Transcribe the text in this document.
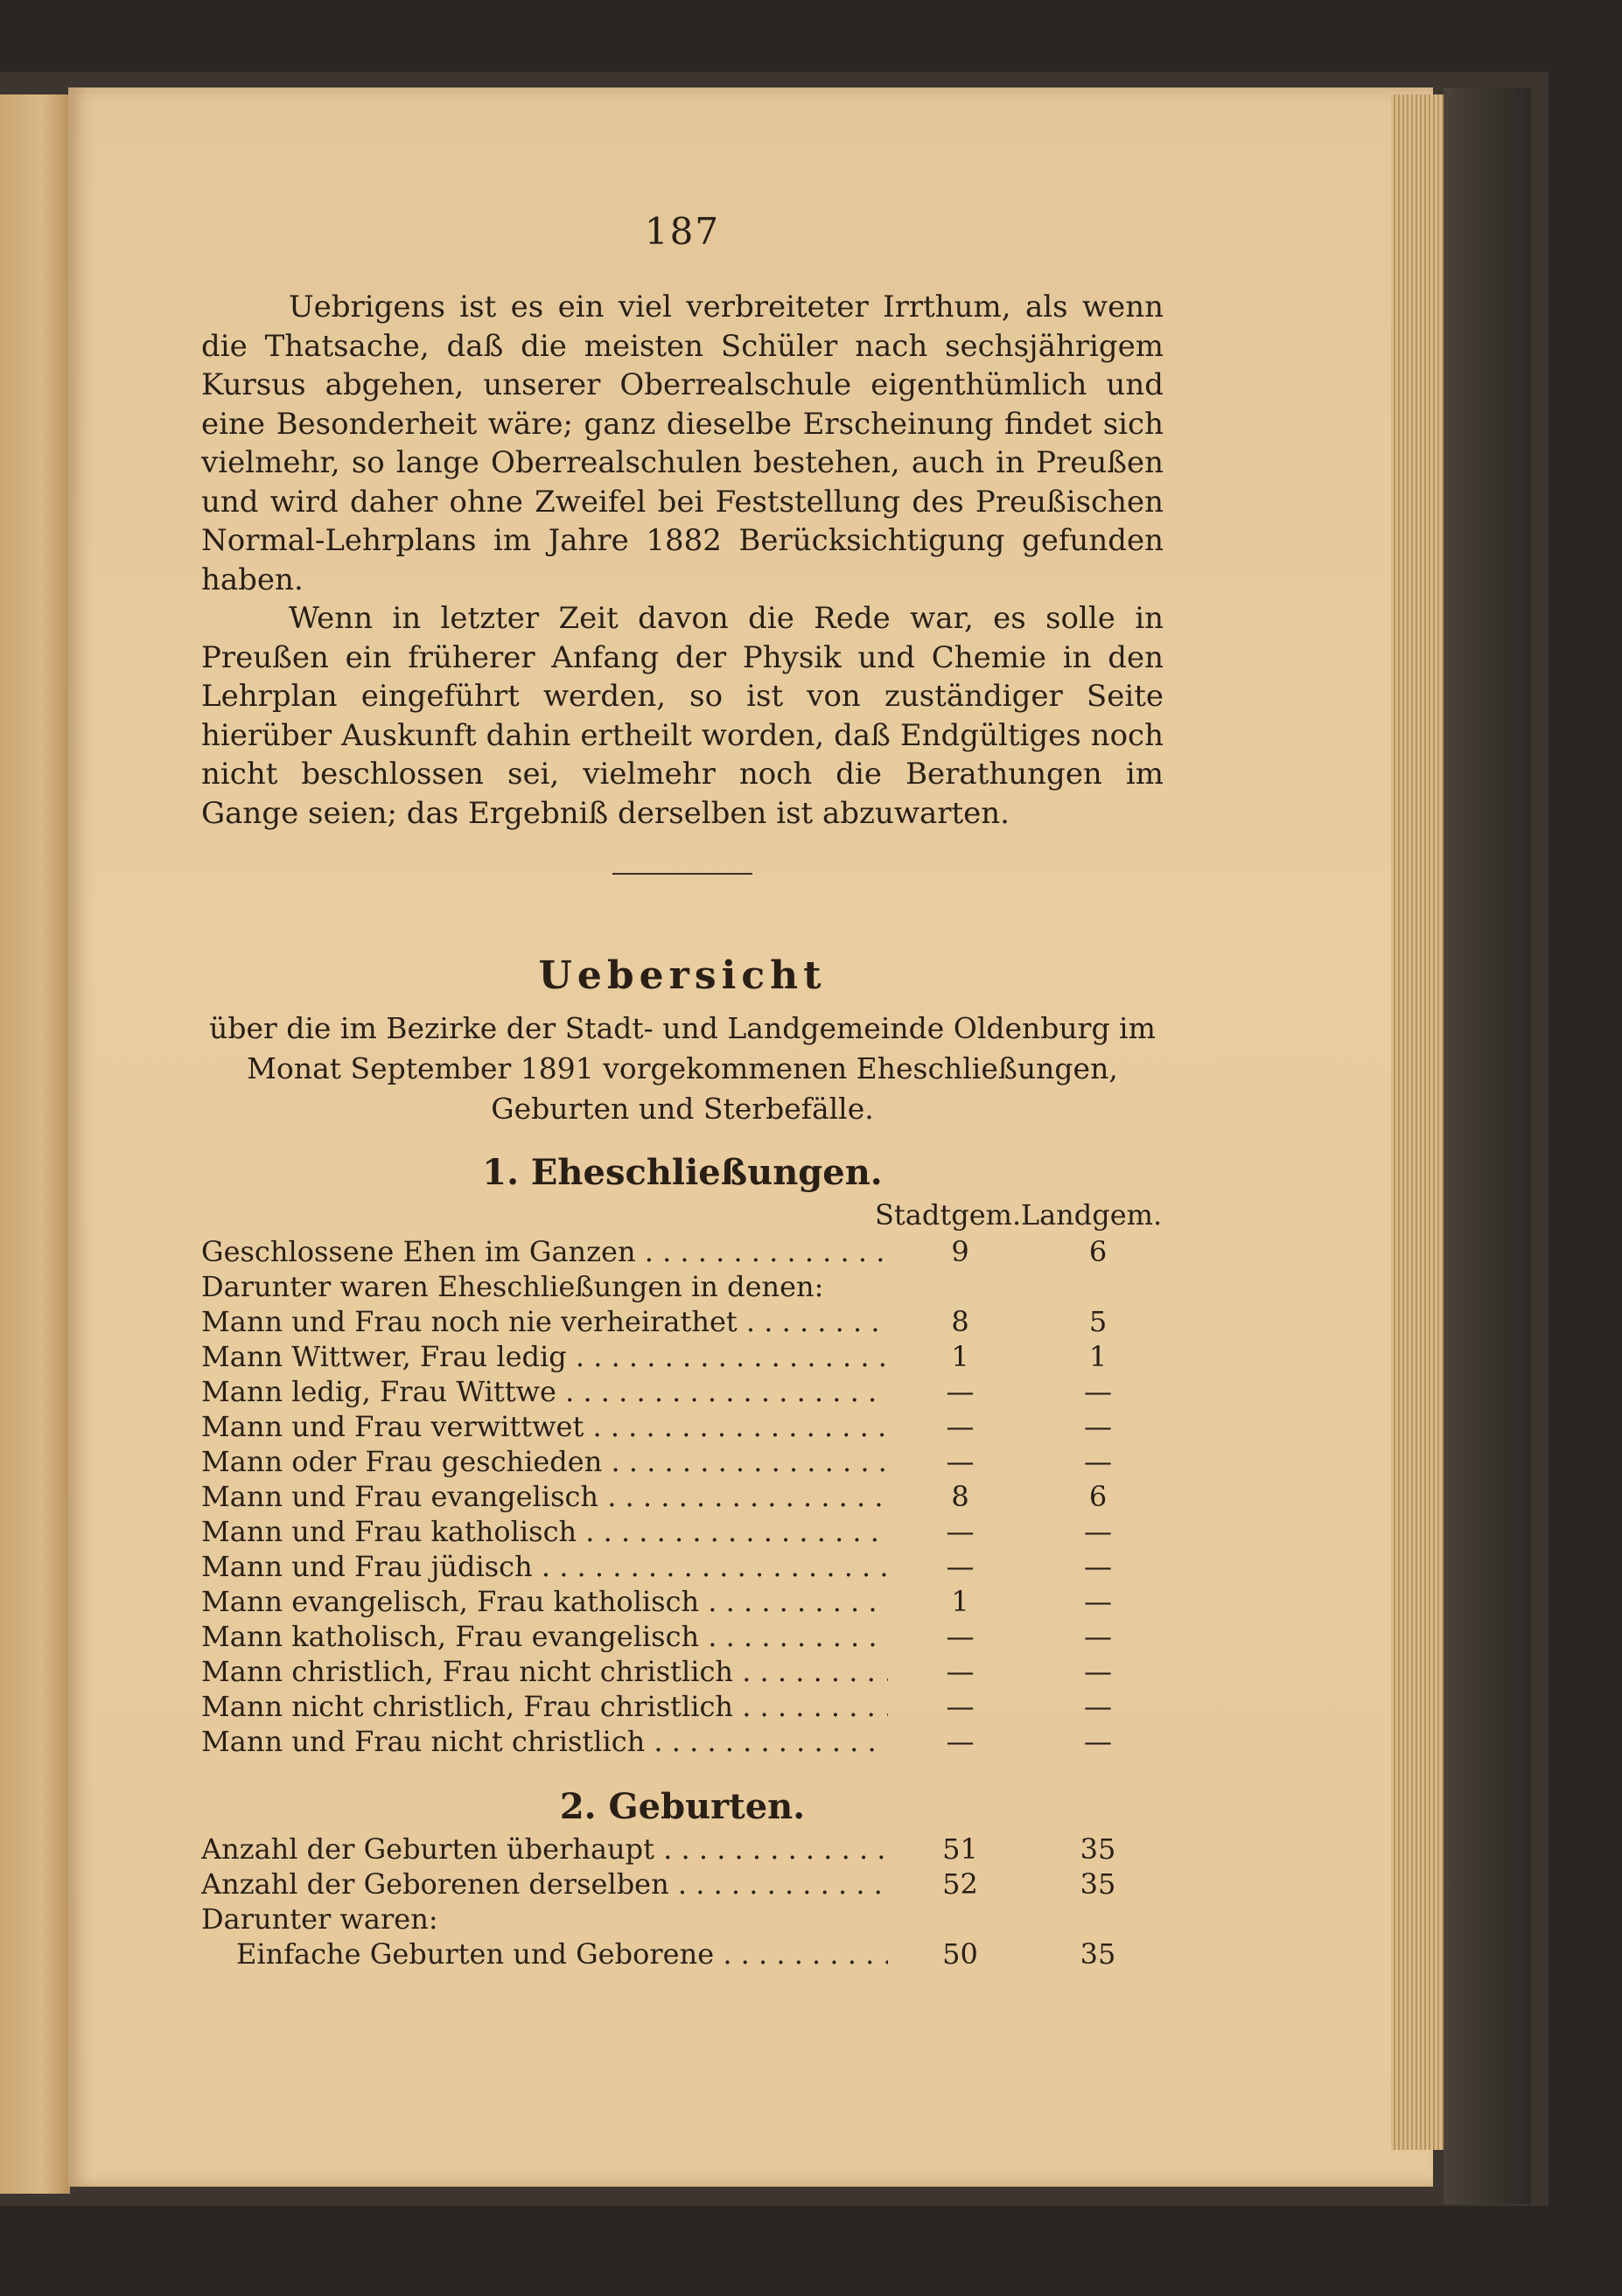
187

Uebrigens ist es ein viel verbreiteter Irrthum, als wenn die Thatsache, daß die meisten Schüler nach sechsjährigem Kursus abgehen, unserer Oberrealschule eigenthümlich und eine Besonderheit wäre; ganz dieselbe Erscheinung findet sich vielmehr, so lange Oberrealschulen bestehen, auch in Preußen und wird daher ohne Zweifel bei Feststellung des Preußischen Normal-Lehrplans im Jahre 1882 Berücksichtigung gefunden haben.

Wenn in letzter Zeit davon die Rede war, es solle in Preußen ein früherer Anfang der Physik und Chemie in den Lehrplan eingeführt werden, so ist von zuständiger Seite hierüber Auskunft dahin ertheilt worden, daß Endgültiges noch nicht beschlossen sei, vielmehr noch die Berathungen im Gange seien; das Ergebniß derselben ist abzuwarten.

Uebersicht
über die im Bezirke der Stadt- und Landgemeinde Oldenburg im Monat September 1891 vorgekommenen Eheschließungen, Geburten und Sterbefälle.
1. Eheschließungen.
Stadtgem. Landgem.
Geschlossene Ehen im Ganzen . . .	9	6
Darunter waren Eheschließungen in denen:
Mann und Frau noch nie verheirathet . . .	8	5
Mann Wittwer, Frau ledig . . .	1	1
Mann ledig, Frau Wittwe . . .	—	—
Mann und Frau verwittwet . . .	—	—
Mann oder Frau geschieden . . .	—	—
Mann und Frau evangelisch . . .	8	6
Mann und Frau katholisch . . .	—	—
Mann und Frau jüdisch . . .	—	—
Mann evangelisch, Frau katholisch . . .	1	—
Mann katholisch, Frau evangelisch . . .	—	—
Mann christlich, Frau nicht christlich . . .	—	—
Mann nicht christlich, Frau christlich . . .	—	—
Mann und Frau nicht christlich . . .	—	—
2. Geburten.
Anzahl der Geburten überhaupt . . .	51	35
Anzahl der Geborenen derselben . . .	52	35
Darunter waren:
Einfache Geburten und Geborene . . .	50	35
